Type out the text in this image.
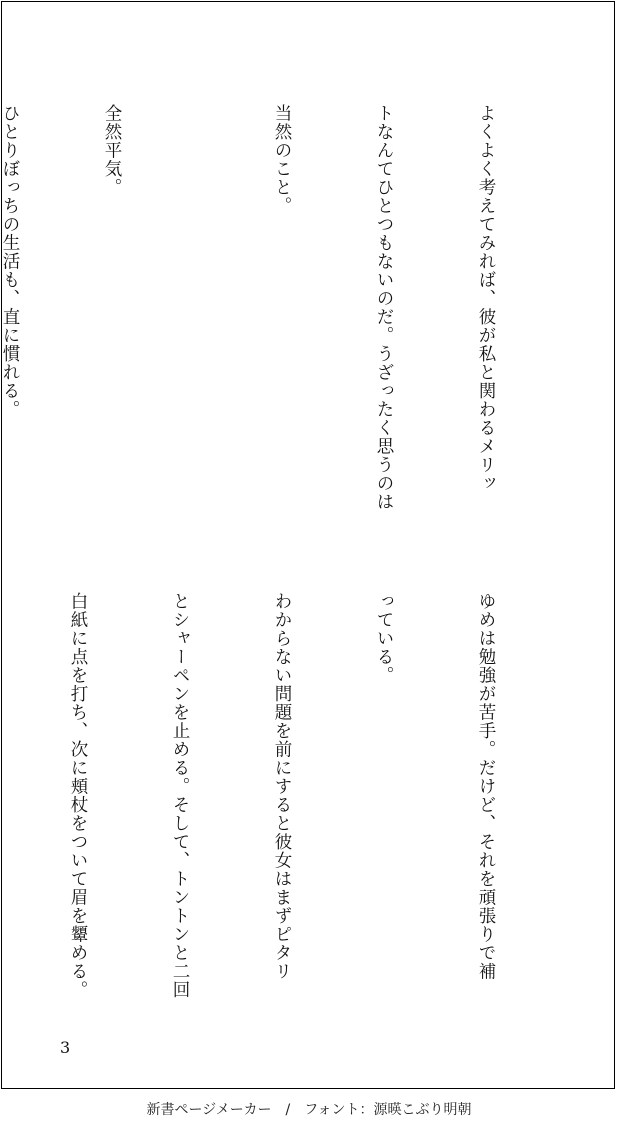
よくよく考えてみれば、彼が私と関わるメリッ

トなんてひとつもないのだ。うざったく思うのは

当然のこと。

全然平気。

ひとりぼっちの生活も、直に慣れる。

ゆめは勉強が苦手。だけど、それを頑張りで補

っている。

わからない問題を前にすると彼女はまずピタリ

とシャーペンを止める。そして、トントンと二回

白紙に点を打ち、次に頬杖をついて眉を顰める。

3
新書ページメーカー　/　フォント：源暎こぶり明朝
